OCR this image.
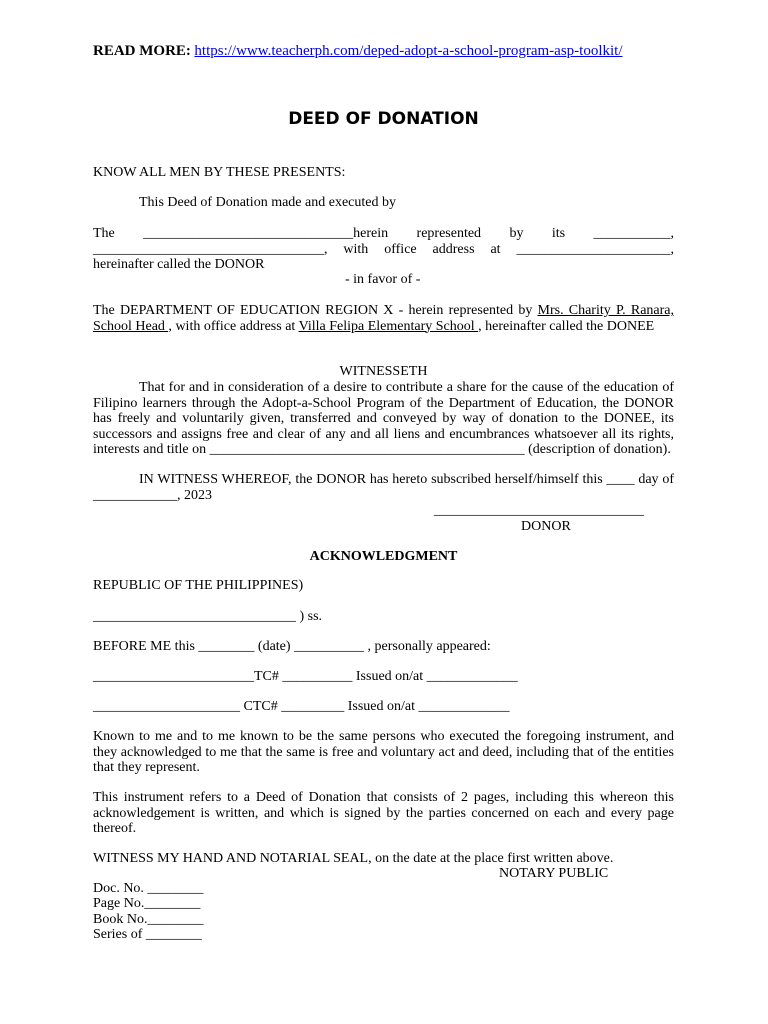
READ MORE: https://www.teacherph.com/deped-adopt-a-school-program-asp-toolkit/
DEED OF DONATION
KNOW ALL MEN BY THESE PRESENTS:
This Deed of Donation made and executed by
The ______________________________herein represented by its ___________,
_________________________________, with office address at ______________________,
hereinafter called the DONOR
- in favor of -
The DEPARTMENT OF EDUCATION REGION X - herein represented by Mrs. Charity P. Ranara, School Head , with office address at Villa Felipa Elementary School , hereinafter called the DONEE
WITNESSETH
That for and in consideration of a desire to contribute a share for the cause of the education of Filipino learners through the Adopt-a-School Program of the Department of Education, the DONOR has freely and voluntarily given, transferred and conveyed by way of donation to the DONEE, its successors and assigns free and clear of any and all liens and encumbrances whatsoever all its rights, interests and title on _____________________________________________ (description of donation).
IN WITNESS WHEREOF, the DONOR has hereto subscribed herself/himself this ____ day of ____________, 2023
______________________________
DONOR
ACKNOWLEDGMENT
REPUBLIC OF THE PHILIPPINES)
_____________________________ ) ss.
BEFORE ME this ________ (date) __________ , personally appeared:
_______________________TC# __________ Issued on/at _____________
_____________________ CTC# _________ Issued on/at _____________
Known to me and to me known to be the same persons who executed the foregoing instrument, and they acknowledged to me that the same is free and voluntary act and deed, including that of the entities that they represent.
This instrument refers to a Deed of Donation that consists of 2 pages, including this whereon this acknowledgement is written, and which is signed by the parties concerned on each and every page thereof.
WITNESS MY HAND AND NOTARIAL SEAL, on the date at the place first written above.
NOTARY PUBLIC
Doc. No. ________
Page No.________
Book No.________
Series of ________
